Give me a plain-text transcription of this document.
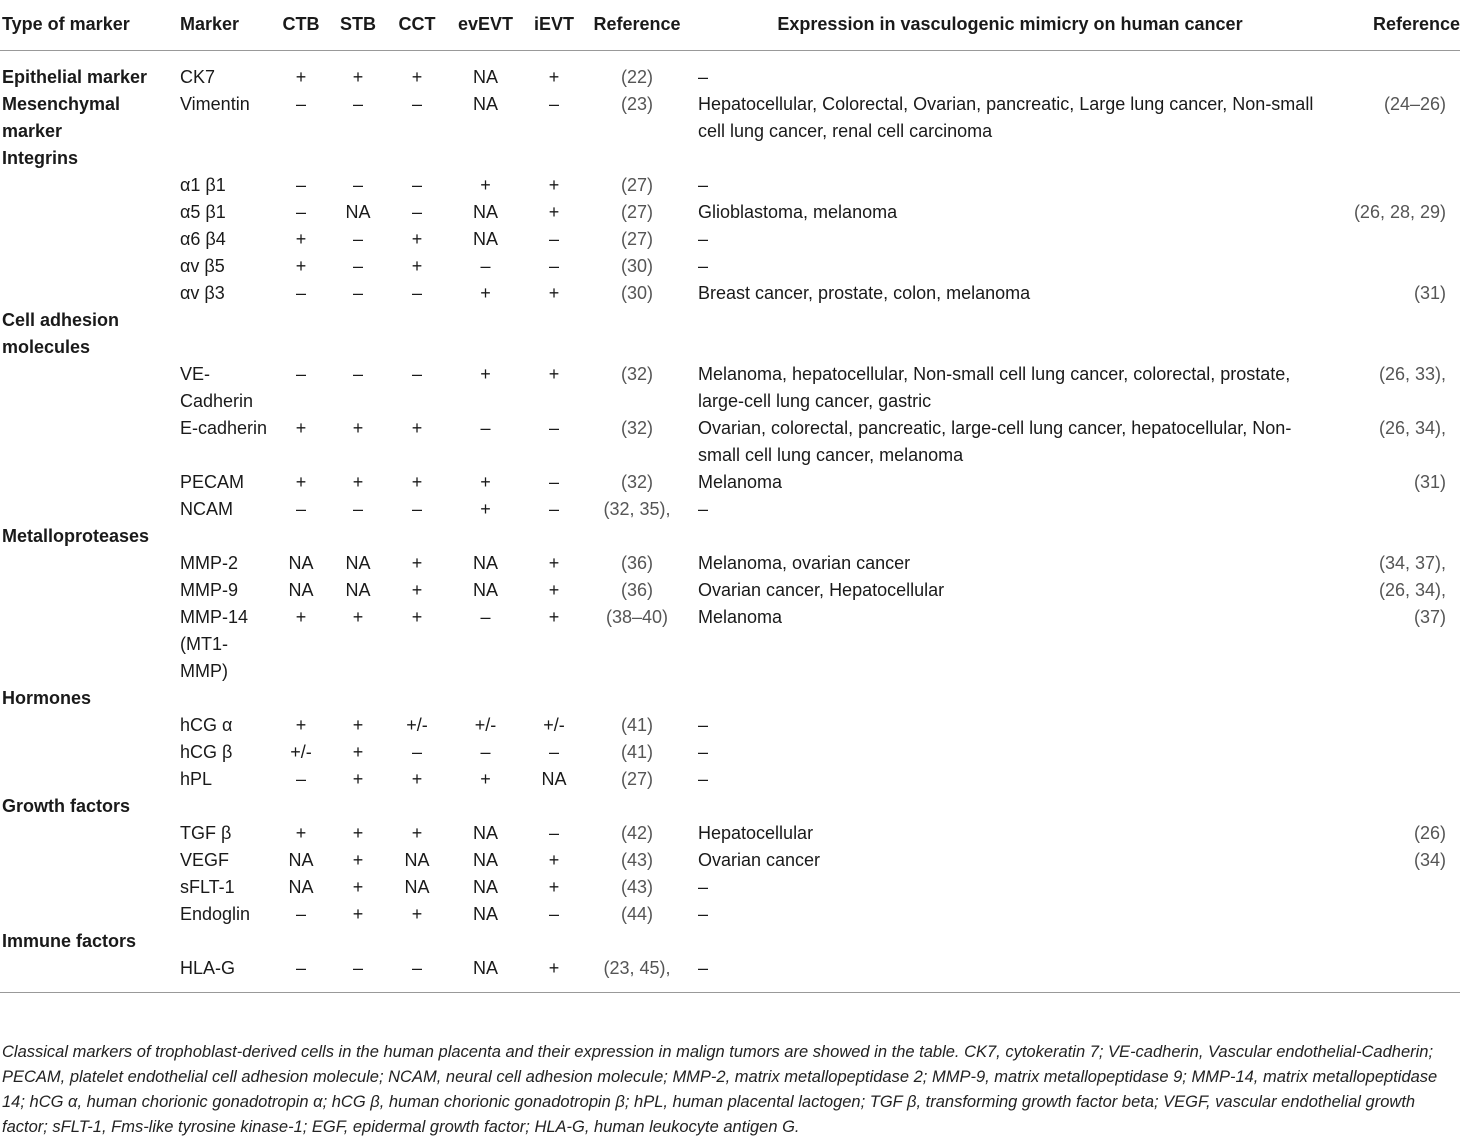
Type of marker	Marker	CTB	STB	CCT	evEVT	iEVT	Reference	Expression in vasculogenic mimicry on human cancer	Reference
Epithelial marker	CK7	+	+	+	NA	+	(22)	–	
Mesenchymal marker	Vimentin	–	–	–	NA	–	(23)	Hepatocellular, Colorectal, Ovarian, pancreatic, Large lung cancer, Non-small cell lung cancer, renal cell carcinoma	(24–26)
Integrins									
	α1 β1	–	–	–	+	+	(27)	–	
	α5 β1	–	NA	–	NA	+	(27)	Glioblastoma, melanoma	(26, 28, 29)
	α6 β4	+	–	+	NA	–	(27)	–	
	αv β5	+	–	+	–	–	(30)	–	
	αv β3	–	–	–	+	+	(30)	Breast cancer, prostate, colon, melanoma	(31)
Cell adhesion molecules									
	VE-Cadherin	–	–	–	+	+	(32)	Melanoma, hepatocellular, Non-small cell lung cancer, colorectal, prostate, large-cell lung cancer, gastric	(26, 33),
	E-cadherin	+	+	+	–	–	(32)	Ovarian, colorectal, pancreatic, large-cell lung cancer, hepatocellular, Non-small cell lung cancer, melanoma	(26, 34),
	PECAM	+	+	+	+	–	(32)	Melanoma	(31)
	NCAM	–	–	–	+	–	(32, 35),	–	
Metalloproteases									
	MMP-2	NA	NA	+	NA	+	(36)	Melanoma, ovarian cancer	(34, 37),
	MMP-9	NA	NA	+	NA	+	(36)	Ovarian cancer, Hepatocellular	(26, 34),
	MMP-14 (MT1-MMP)	+	+	+	–	+	(38–40)	Melanoma	(37)
Hormones									
	hCG α	+	+	+/-	+/-	+/-	(41)	–	
	hCG β	+/-	+	–	–	–	(41)	–	
	hPL	–	+	+	+	NA	(27)	–	
Growth factors									
	TGF β	+	+	+	NA	–	(42)	Hepatocellular	(26)
	VEGF	NA	+	NA	NA	+	(43)	Ovarian cancer	(34)
	sFLT-1	NA	+	NA	NA	+	(43)	–	
	Endoglin	–	+	+	NA	–	(44)	–	
Immune factors									
	HLA-G	–	–	–	NA	+	(23, 45),	–	
Classical markers of trophoblast-derived cells in the human placenta and their expression in malign tumors are showed in the table. CK7, cytokeratin 7; VE-cadherin, Vascular endothelial-Cadherin; PECAM, platelet endothelial cell adhesion molecule; NCAM, neural cell adhesion molecule; MMP-2, matrix metallopeptidase 2; MMP-9, matrix metallopeptidase 9; MMP-14, matrix metallopeptidase 14; hCG α, human chorionic gonadotropin α; hCG β, human chorionic gonadotropin β; hPL, human placental lactogen; TGF β, transforming growth factor beta; VEGF, vascular endothelial growth factor; sFLT-1, Fms-like tyrosine kinase-1; EGF, epidermal growth factor; HLA-G, human leukocyte antigen G.
